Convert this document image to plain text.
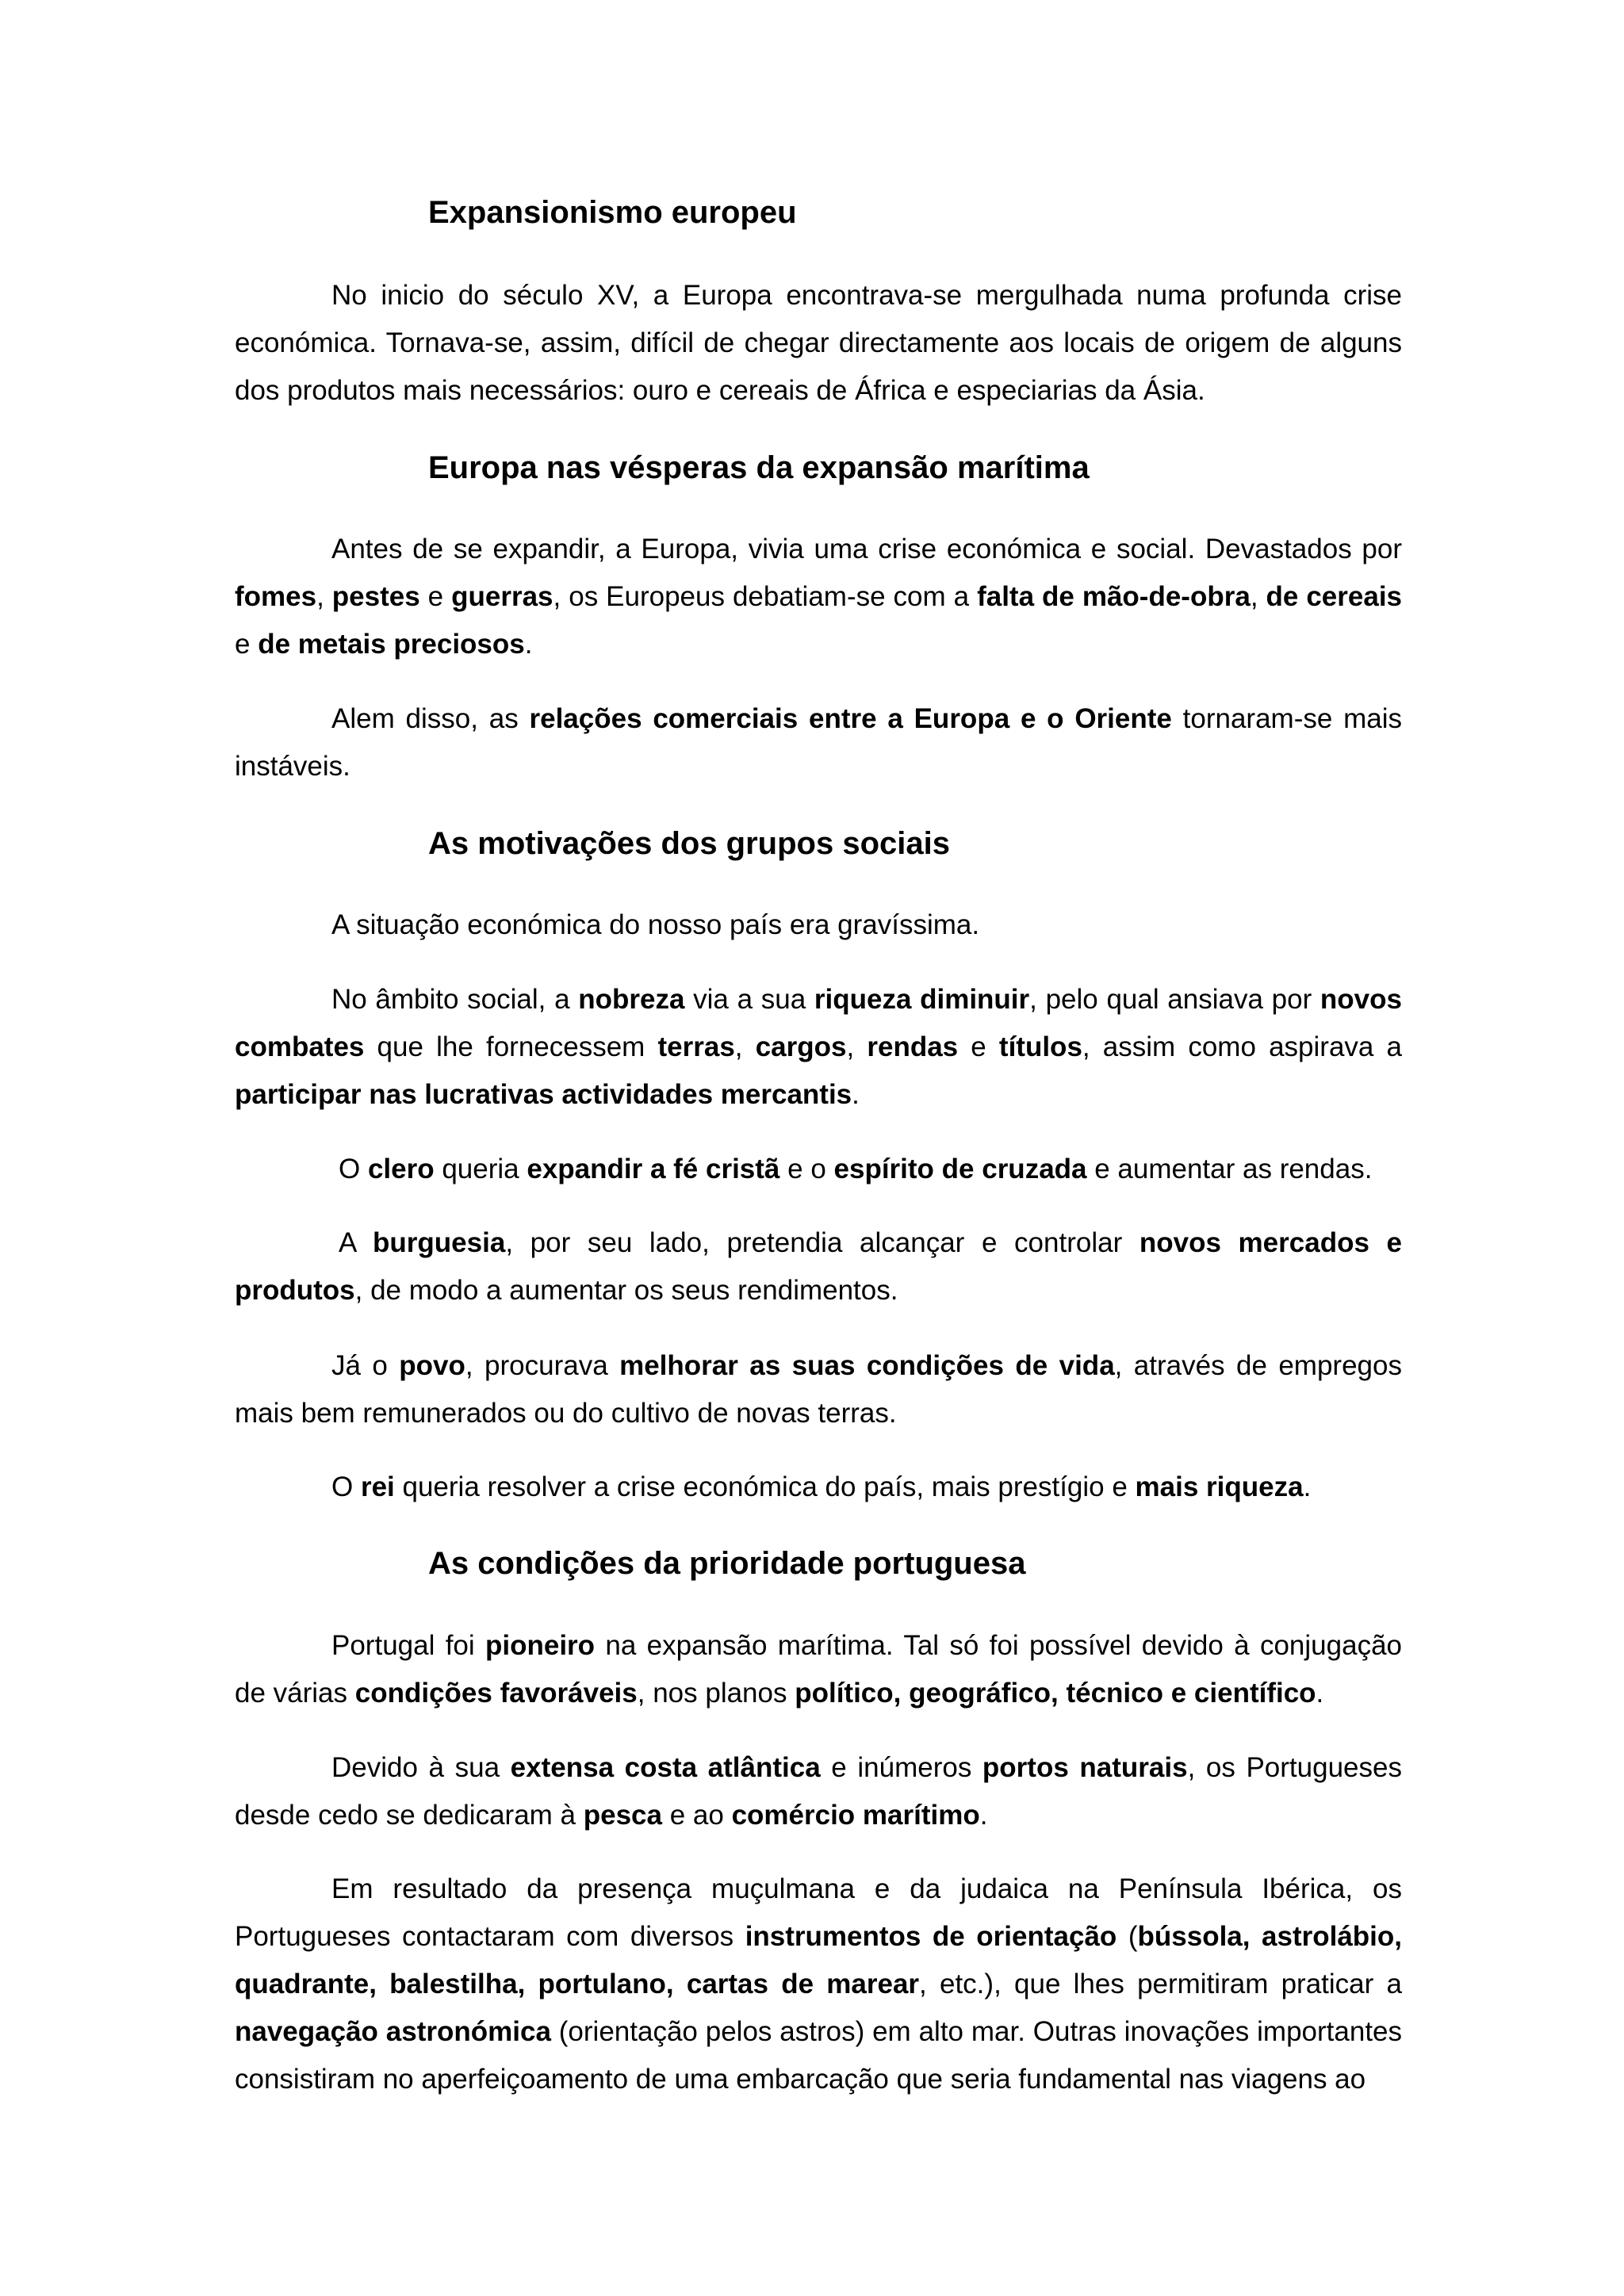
Expansionismo europeu

No inicio do século XV, a Europa encontrava-se mergulhada numa profunda crise económica. Tornava-se, assim, difícil de chegar directamente aos locais de origem de alguns dos produtos mais necessários: ouro e cereais de África e especiarias da Ásia.

Europa nas vésperas da expansão marítima

Antes de se expandir, a Europa, vivia uma crise económica e social. Devastados por fomes, pestes e guerras, os Europeus debatiam-se com a falta de mão-de-obra, de cereais e de metais preciosos.

Alem disso, as relações comerciais entre a Europa e o Oriente tornaram-se mais instáveis.

As motivações dos grupos sociais

A situação económica do nosso país era gravíssima.

No âmbito social, a nobreza via a sua riqueza diminuir, pelo qual ansiava por novos combates que lhe fornecessem terras, cargos, rendas e títulos, assim como aspirava a participar nas lucrativas actividades mercantis.

O clero queria expandir a fé cristã e o espírito de cruzada e aumentar as rendas.

A burguesia, por seu lado, pretendia alcançar e controlar novos mercados e produtos, de modo a aumentar os seus rendimentos.

Já o povo, procurava melhorar as suas condições de vida, através de empregos mais bem remunerados ou do cultivo de novas terras.

O rei queria resolver a crise económica do país, mais prestígio e mais riqueza.

As condições da prioridade portuguesa

Portugal foi pioneiro na expansão marítima. Tal só foi possível devido à conjugação de várias condições favoráveis, nos planos político, geográfico, técnico e científico.

Devido à sua extensa costa atlântica e inúmeros portos naturais, os Portugueses desde cedo se dedicaram à pesca e ao comércio marítimo.

Em resultado da presença muçulmana e da judaica na Península Ibérica, os Portugueses contactaram com diversos instrumentos de orientação (bússola, astrolábio, quadrante, balestilha, portulano, cartas de marear, etc.), que lhes permitiram praticar a navegação astronómica (orientação pelos astros) em alto mar. Outras inovações importantes consistiram no aperfeiçoamento de uma embarcação que seria fundamental nas viagens ao
